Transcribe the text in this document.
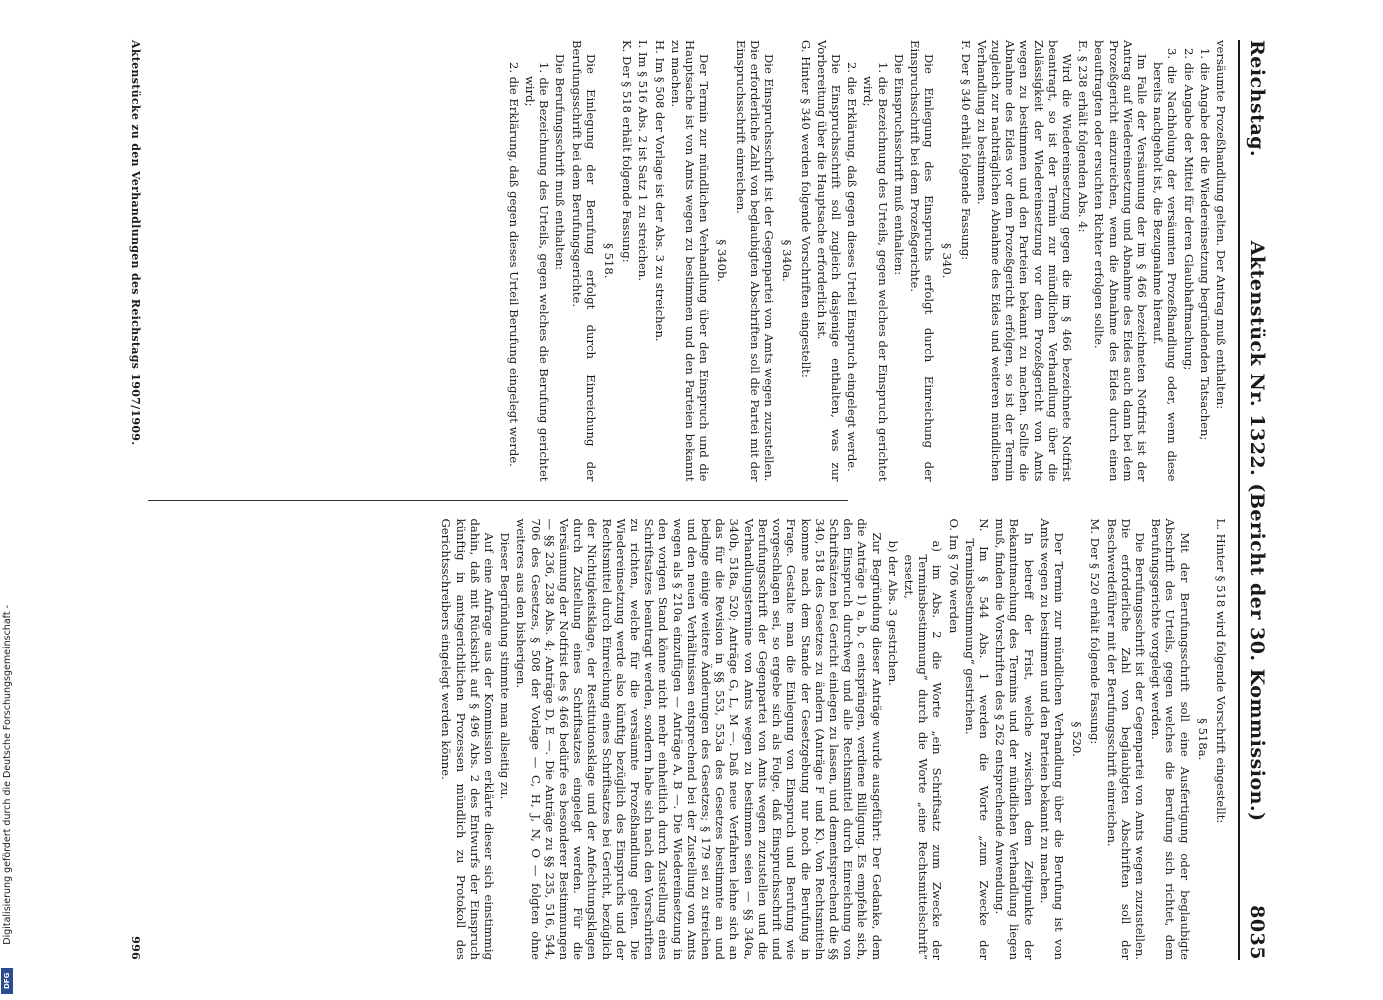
Reichstag.
Aktenstück Nr. 1322. (Bericht der 30. Kommission.)
8035

versäumte Prozeßhandlung gelten. Der Antrag muß enthalten:

1. die Angabe der die Wiedereinsetzung begründenden Tatsachen;

2. die Angabe der Mittel für deren Glaubhaftmachung;

3. die Nachholung der versäumten Prozeßhandlung oder, wenn diese bereits nachgeholt ist, die Bezugnahme hierauf.

Im Falle der Versäumung der im § 466 bezeichneten Notfrist ist der Antrag auf Wiedereinsetzung und Abnahme des Eides auch dann bei dem Prozeßgericht einzureichen, wenn die Abnahme des Eides durch einen beauftragten oder ersuchten Richter erfolgen sollte.

E. § 238 erhält folgenden Abs. 4:

Wird die Wiedereinsetzung gegen die im § 466 bezeichnete Notfrist beantragt, so ist der Termin zur mündlichen Verhandlung über die Zulässigkeit der Wiedereinsetzung vor dem Prozeßgericht von Amts wegen zu bestimmen und den Parteien bekannt zu machen. Sollte die Abnahme des Eides vor dem Prozeßgericht erfolgen, so ist der Termin zugleich zur nachträglichen Abnahme des Eides und weiteren mündlichen Verhandlung zu bestimmen.

F. Der § 340 erhält folgende Fassung:

§ 340.

Die Einlegung des Einspruchs erfolgt durch Einreichung der Einspruchsschrift bei dem Prozeßgerichte.

Die Einspruchsschrift muß enthalten:

1. die Bezeichnung des Urteils, gegen welches der Einspruch gerichtet wird;

2. die Erklärung, daß gegen dieses Urteil Einspruch eingelegt werde.

Die Einspruchsschrift soll zugleich dasjenige enthalten, was zur Vorbereitung über die Hauptsache erforderlich ist.

G. Hinter § 340 werden folgende Vorschriften eingestellt:

§ 340a.

Die Einspruchsschrift ist der Gegenpartei von Amts wegen zuzustellen. Die erforderliche Zahl von beglaubigten Abschriften soll die Partei mit der Einspruchsschrift einreichen.

§ 340b.

Der Termin zur mündlichen Verhandlung über den Einspruch und die Hauptsache ist von Amts wegen zu bestimmen und den Parteien bekannt zu machen.

H. Im § 508 der Vorlage ist der Abs. 3 zu streichen.

I. Im § 516 Abs. 2 ist Satz 1 zu streichen.

K. Der § 518 erhält folgende Fassung:

§ 518.

Die Einlegung der Berufung erfolgt durch Einreichung der Berufungsschrift bei dem Berufungsgerichte.

Die Berufungsschrift muß enthalten:

1. die Bezeichnung des Urteils, gegen welches die Berufung gerichtet wird;

2. die Erklärung, daß gegen dieses Urteil Berufung eingelegt werde.

L. Hinter § 518 wird folgende Vorschrift eingestellt:

§ 518a.

Mit der Berufungsschrift soll eine Ausfertigung oder beglaubigte Abschrift des Urteils, gegen welches die Berufung sich richtet, dem Berufungsgerichte vorgelegt werden.

Die Berufungsschrift ist der Gegenpartei von Amts wegen zuzustellen. Die erforderliche Zahl von beglaubigten Abschriften soll der Beschwerdeführer mit der Berufungsschrift einreichen.

M. Der § 520 erhält folgende Fassung:

§ 520.

Der Termin zur mündlichen Verhandlung über die Berufung ist von Amts wegen zu bestimmen und den Parteien bekannt zu machen.

In betreff der Frist, welche zwischen dem Zeitpunkte der Bekanntmachung des Termins und der mündlichen Verhandlung liegen muß, finden die Vorschriften des § 262 entsprechende Anwendung.

N. Im § 544 Abs. 1 werden die Worte „zum Zwecke der Terminsbestimmung“ gestrichen.

O. Im § 706 werden

a) im Abs. 2 die Worte „ein Schriftsatz zum Zwecke der Terminsbestimmung“ durch die Worte „eine Rechtsmittelschrift“ ersetzt,

b) der Abs. 3 gestrichen.

Zur Begründung dieser Anträge wurde ausgeführt: Der Gedanke, dem die Anträge 1) a, b, c entsprängen, verdiene Billigung. Es empfehle sich, den Einspruch durchweg und alle Rechtsmittel durch Einreichung von Schriftsätzen bei Gericht einlegen zu lassen, und dementsprechend die §§ 340, 518 des Gesetzes zu ändern (Anträge F und K). Von Rechtsmitteln komme nach dem Stande der Gesetzgebung nur noch die Berufung in Frage. Gestalte man die Einlegung von Einspruch und Berufung wie vorgeschlagen sei, so ergebe sich als Folge, daß Einspruchsschrift und Berufungsschrift der Gegenpartei von Amts wegen zuzustellen und die Verhandlungstermine von Amts wegen zu bestimmen seien — §§ 340a, 340b, 518a, 520; Anträge G, L, M —. Daß neue Verfahren lehne sich an das für die Revision in §§ 553, 553a des Gesetzes bestimmte an und bedinge einige weitere Änderungen des Gesetzes; § 179 sei zu streichen und den neuen Verhältnissen entsprechend bei der Zustellung von Amts wegen als § 210a einzufügen — Anträge A, B —. Die Wiedereinsetzung in den vorigen Stand könne nicht mehr einheitlich durch Zustellung eines Schriftsatzes beantragt werden, sondern habe sich nach den Vorschriften zu richten, welche für die versäumte Prozeßhandlung gelten. Die Wiedereinsetzung werde also künftig bezüglich des Einspruchs und der Rechtsmittel durch Einreichung eines Schriftsatzes bei Gericht, bezüglich der Nichtigkeitsklage, der Restitutionsklage und der Anfechtungsklagen durch Zustellung eines Schriftsatzes eingelegt werden. Für die Versäumung der Notfrist des § 466 bedürfe es besonderer Bestimmungen — §§ 236, 238 Abs. 4; Anträge D, E —. Die Anträge zu §§ 235, 516, 544, 706 des Gesetzes, § 508 der Vorlage — C, H, J, N, O — folgten ohne weiteres aus den bisherigen.

Dieser Begründung stimmte man allseitig zu.

Auf eine Anfrage aus der Kommission erklärte dieser sich einstimmig dahin, daß mit Rücksicht auf § 496 Abs. 2 des Entwurfs der Einspruch künftig in amtsgerichtlichen Prozessen mündlich zu Protokoll des Gerichtsschreibers eingelegt werden könne.

Aktenstücke zu den Verhandlungen des Reichstags 1907/1909.
996
Digitalisierung gefördert durch die Deutsche Forschungsgemeinschaft -
DFG
